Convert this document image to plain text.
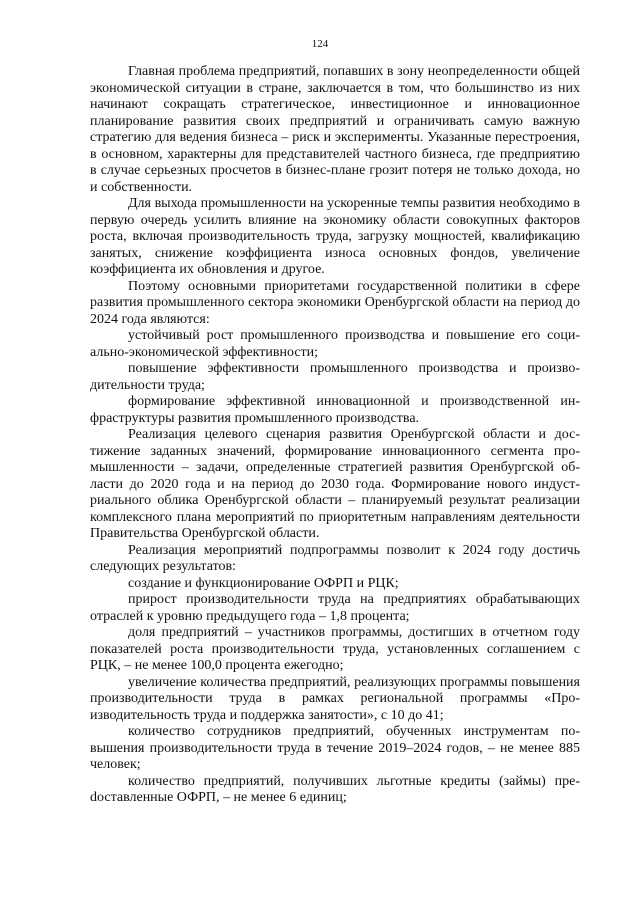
124

Главная проблема предприятий, попавших в зону неопределенности общей экономической ситуации в стране, заключается в том, что большинство из них начинают сокращать стратегическое, инвестиционное и инновационное планирование развития своих предприятий и ограничивать самую важную стратегию для ведения бизнеса – риск и эксперименты. Указанные перестроения, в основном, характерны для представителей частного бизнеса, где предприятию в случае серьезных просчетов в бизнес-плане грозит потеря не только дохода, но и собственности.

Для выхода промышленности на ускоренные темпы развития необходимо в первую очередь усилить влияние на экономику области совокупных факторов роста, включая производительность труда, загрузку мощностей, квалификацию занятых, снижение коэффициента износа основных фондов, увеличение коэффициента их обновления и другое.

Поэтому основными приоритетами государственной политики в сфере развития промышленного сектора экономики Оренбургской области на период до 2024 года являются:

устойчивый рост промышленного производства и повышение его социально-экономической эффективности;

повышение эффективности промышленного производства и производительности труда;

формирование эффективной инновационной и производственной инфраструктуры развития промышленного производства.

Реализация целевого сценария развития Оренбургской области и достижение заданных значений, формирование инновационного сегмента промышленности – задачи, определенные стратегией развития Оренбургской области до 2020 года и на период до 2030 года. Формирование нового индустриального облика Оренбургской области – планируемый результат реализации комплексного плана мероприятий по приоритетным направлениям деятельности Правительства Оренбургской области.

Реализация мероприятий подпрограммы позволит к 2024 году достичь следующих результатов:

создание и функционирование ОФРП и РЦК;

прирост производительности труда на предприятиях обрабатывающих отраслей к уровню предыдущего года – 1,8 процента;

доля предприятий – участников программы, достигших в отчетном году показателей роста производительности труда, установленных соглашением с РЦК, – не менее 100,0 процента ежегодно;

увеличение количества предприятий, реализующих программы повышения производительности труда в рамках региональной программы «Производительность труда и поддержка занятости», с 10 до 41;

количество сотрудников предприятий, обученных инструментам повышения производительности труда в течение 2019–2024 годов, – не менее 885 человек;

количество предприятий, получивших льготные кредиты (займы) преdоставленные ОФРП, – не менее 6 единиц;
